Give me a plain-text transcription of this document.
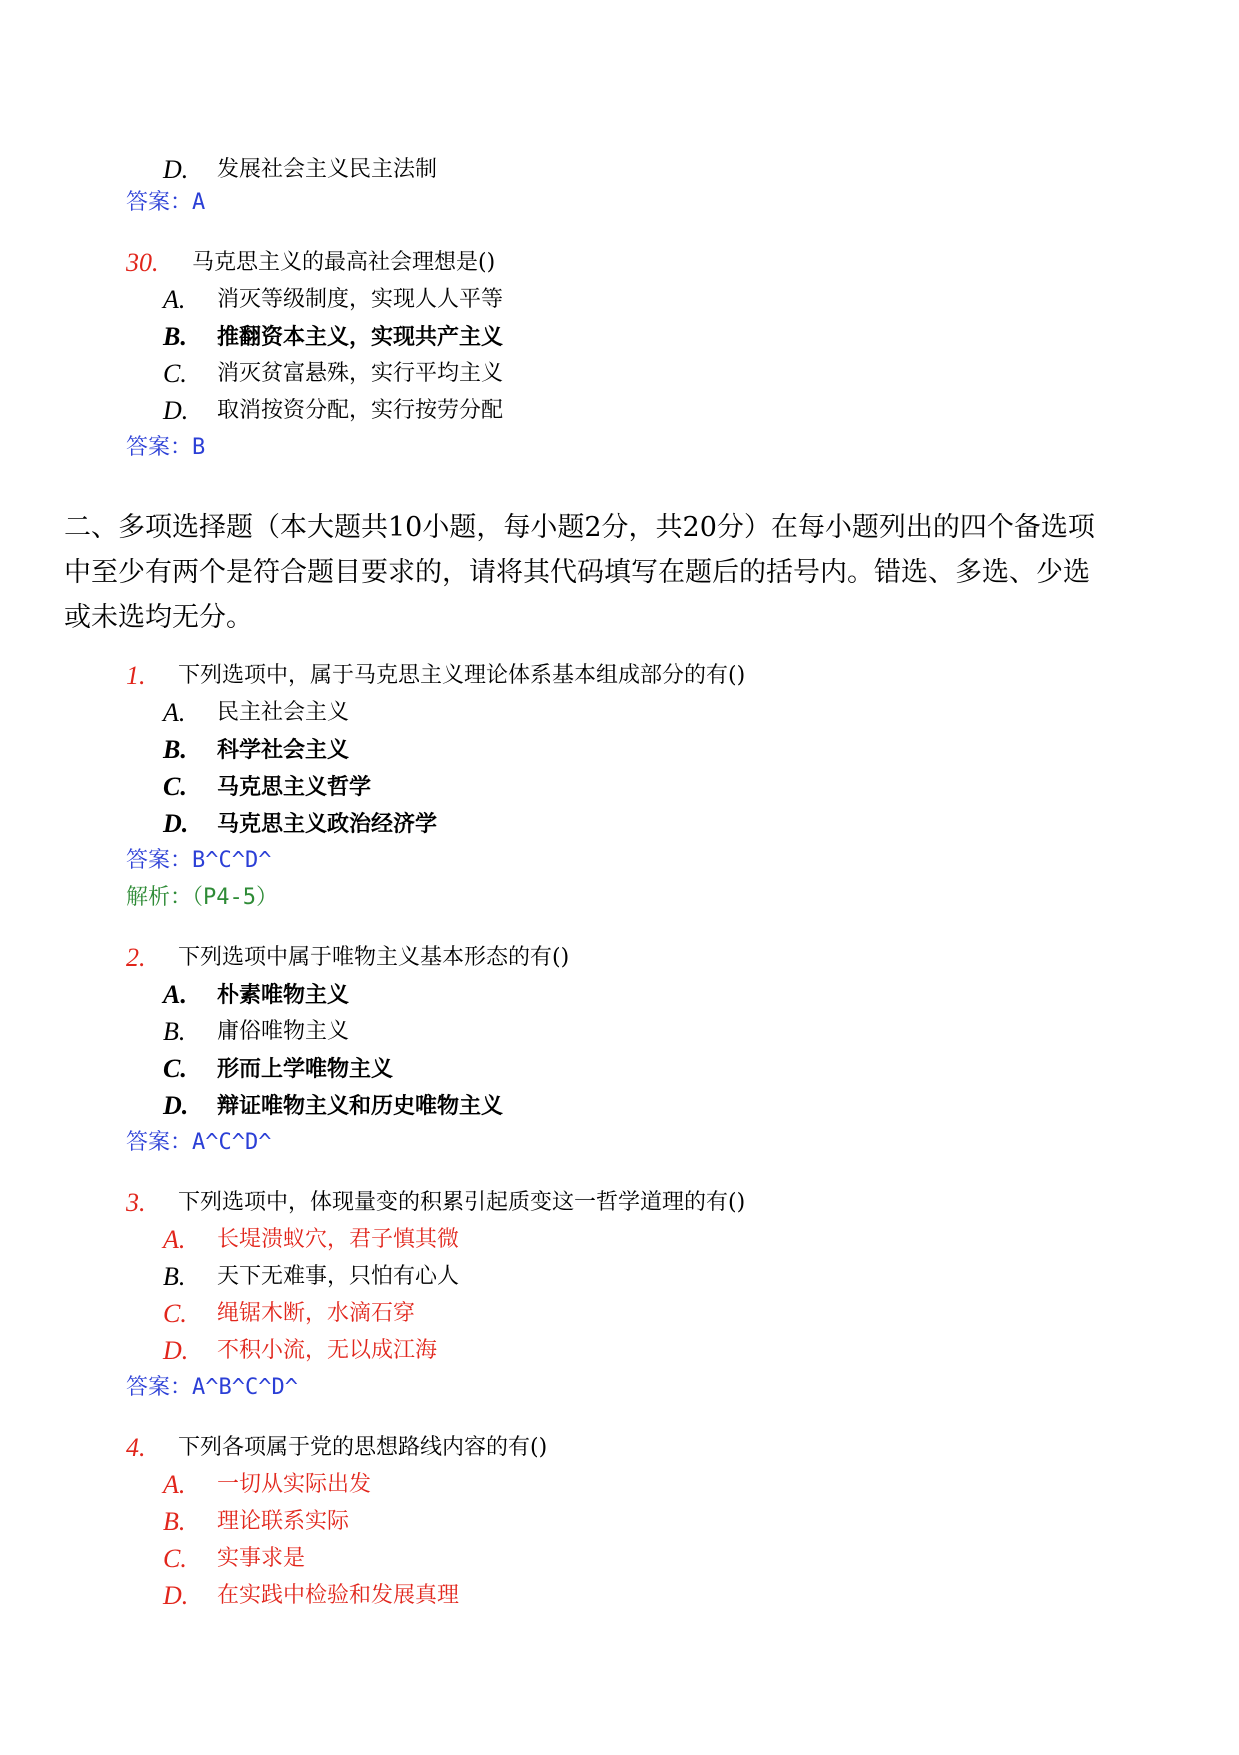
D. 发展社会主义民主法制
答案：A
30. 马克思主义的最高社会理想是()
A. 消灭等级制度，实现人人平等
B. 推翻资本主义，实现共产主义
C. 消灭贫富悬殊，实行平均主义
D. 取消按资分配，实行按劳分配
答案：B
二、多项选择题（本大题共10小题，每小题2分，共20分）在每小题列出的四个备选项
中至少有两个是符合题目要求的，请将其代码填写在题后的括号内。错选、多选、少选
或未选均无分。
1. 下列选项中，属于马克思主义理论体系基本组成部分的有()
A. 民主社会主义
B. 科学社会主义
C. 马克思主义哲学
D. 马克思主义政治经济学
答案：B^C^D^
解析：（P4-5）
2. 下列选项中属于唯物主义基本形态的有()
A. 朴素唯物主义
B. 庸俗唯物主义
C. 形而上学唯物主义
D. 辩证唯物主义和历史唯物主义
答案：A^C^D^
3. 下列选项中，体现量变的积累引起质变这一哲学道理的有()
A. 长堤溃蚁穴，君子慎其微
B. 天下无难事，只怕有心人
C. 绳锯木断，水滴石穿
D. 不积小流，无以成江海
答案：A^B^C^D^
4. 下列各项属于党的思想路线内容的有()
A. 一切从实际出发
B. 理论联系实际
C. 实事求是
D. 在实践中检验和发展真理
